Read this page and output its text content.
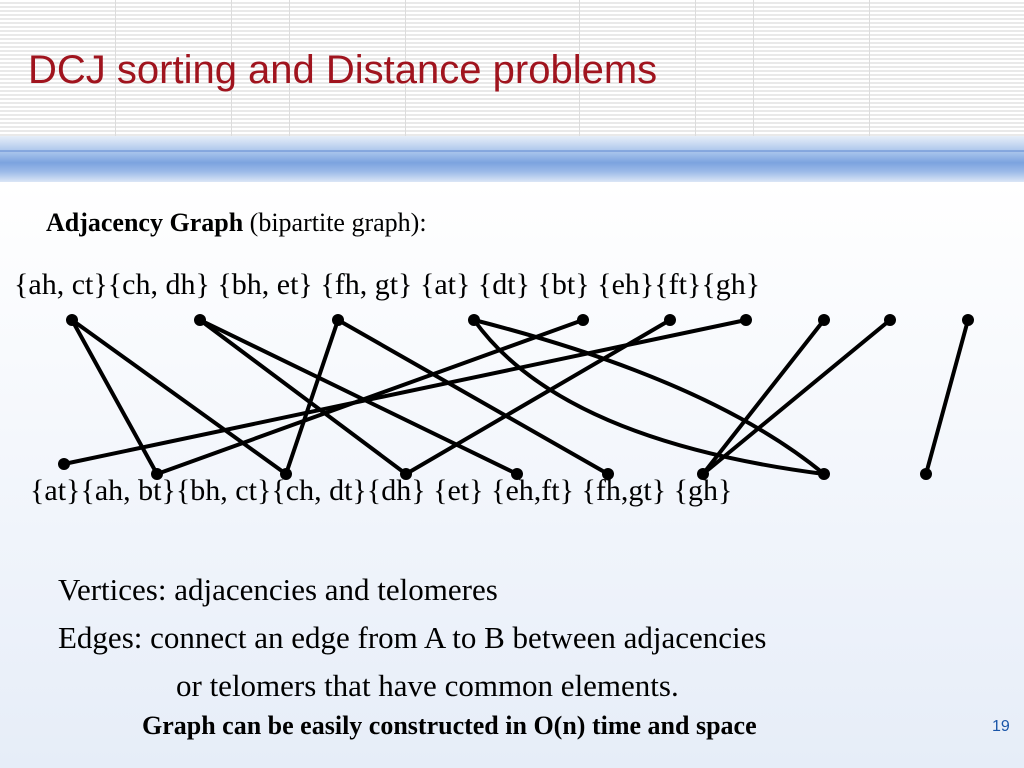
DCJ sorting and Distance problems
Adjacency Graph (bipartite graph):
{ah, ct}{ch, dh} {bh, et} {fh, gt} {at} {dt} {bt} {eh}{ft}{gh}
{at}{ah, bt}{bh, ct}{ch, dt}{dh} {et} {eh,ft} {fh,gt} {gh}
Vertices: adjacencies and telomeres
Edges: connect an edge from A to B between adjacencies
or telomers that have common elements.
Graph can be easily constructed in O(n) time and space	19
